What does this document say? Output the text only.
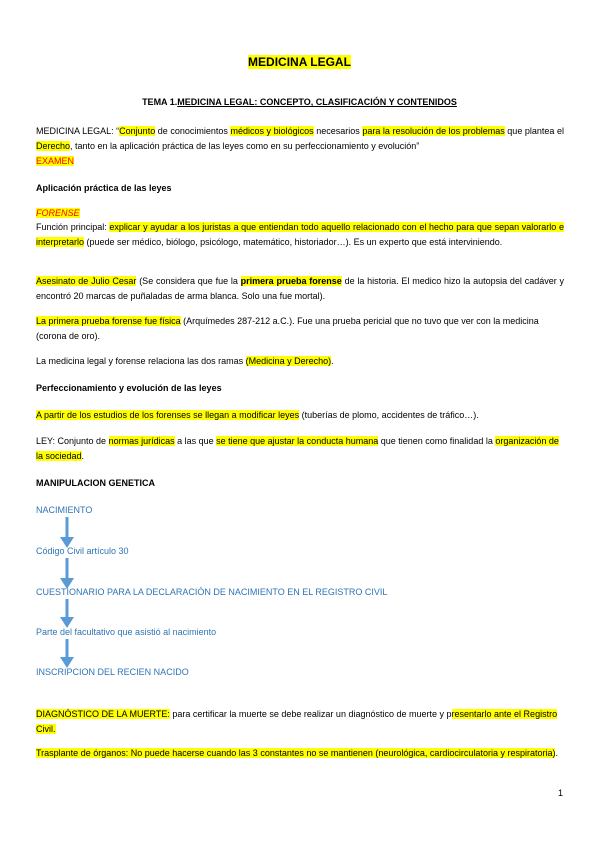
MEDICINA LEGAL
TEMA 1.MEDICINA LEGAL: CONCEPTO, CLASIFICACIÓN Y CONTENIDOS
MEDICINA LEGAL: “Conjunto de conocimientos médicos y biológicos necesarios para la resolución de los problemas que plantea el Derecho, tanto en la aplicación práctica de las leyes como en su perfeccionamiento y evolución”
EXAMEN
Aplicación práctica de las leyes
FORENSE
Función principal: explicar y ayudar a los juristas a que entiendan todo aquello relacionado con el hecho para que sepan valorarlo e interpretarlo (puede ser médico, biólogo, psicólogo, matemático, historiador…). Es un experto que está interviniendo.
Asesinato de Julio Cesar (Se considera que fue la primera prueba forense de la historia. El medico hizo la autopsia del cadáver y encontró 20 marcas de puñaladas de arma blanca. Solo una fue mortal).
La primera prueba forense fue física (Arquímedes 287-212 a.C.). Fue una prueba pericial que no tuvo que ver con la medicina (corona de oro).
La medicina legal y forense relaciona las dos ramas (Medicina y Derecho).
Perfeccionamiento y evolución de las leyes
A partir de los estudios de los forenses se llegan a modificar leyes (tuberías de plomo, accidentes de tráfico…).
LEY: Conjunto de normas jurídicas a las que se tiene que ajustar la conducta humana que tienen como finalidad la organización de la sociedad.
MANIPULACION GENETICA
NACIMIENTO
Código Civil artículo 30
CUESTIONARIO PARA LA DECLARACIÓN DE NACIMIENTO EN EL REGISTRO CIVIL
Parte del facultativo que asistió al nacimiento
INSCRIPCION DEL RECIEN NACIDO
DIAGNÓSTICO DE LA MUERTE: para certificar la muerte se debe realizar un diagnóstico de muerte y presentarlo ante el Registro Civil.
Trasplante de órganos: No puede hacerse cuando las 3 constantes no se mantienen (neurológica, cardiocirculatoria y respiratoria).
1
